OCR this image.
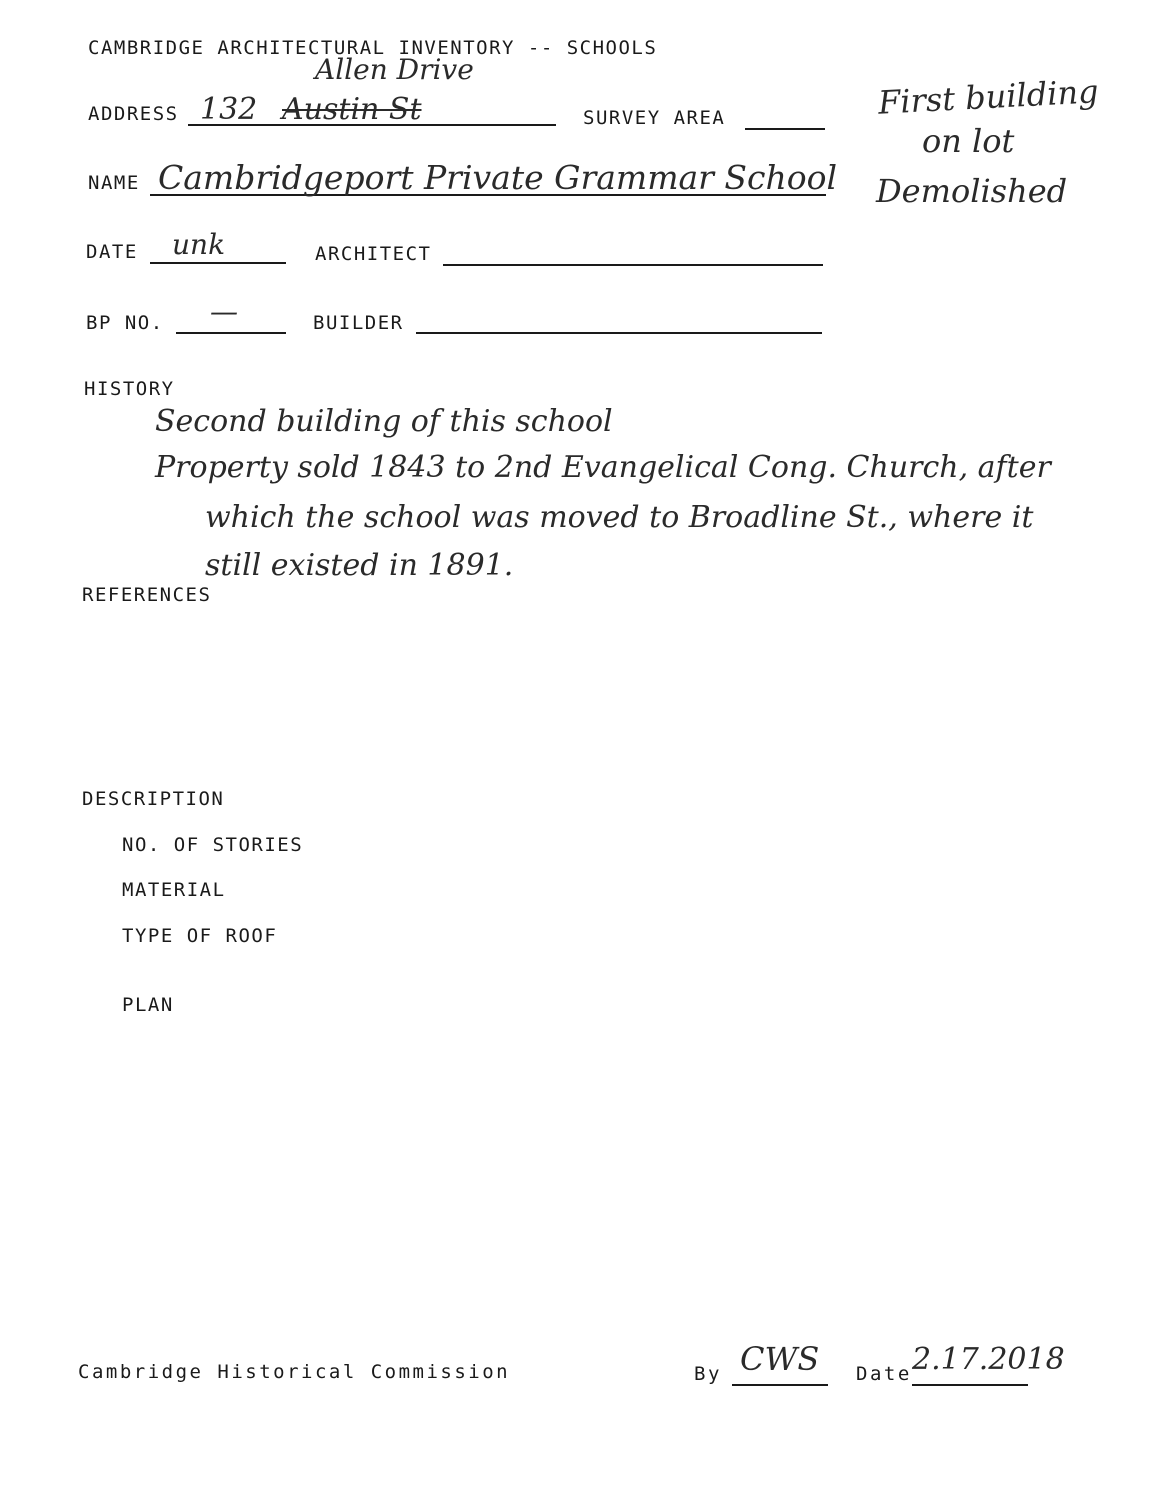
CAMBRIDGE ARCHITECTURAL INVENTORY -- SCHOOLS
ADDRESS 132 Austin St
Allen Drive
SURVEY AREA	First building
on lot
Demolished
NAME Cambridgeport Private Grammar School
DATE unk	ARCHITECT
BP NO. —	BUILDER
HISTORY
Second building of this school
Property sold 1843 to 2nd Evangelical Cong. Church, after
which the school was moved to Broadline St., where it
still existed in 1891.
REFERENCES
DESCRIPTION
NO. OF STORIES
MATERIAL
TYPE OF ROOF
PLAN
Cambridge Historical Commission	By CWS Date 2.17.2018
